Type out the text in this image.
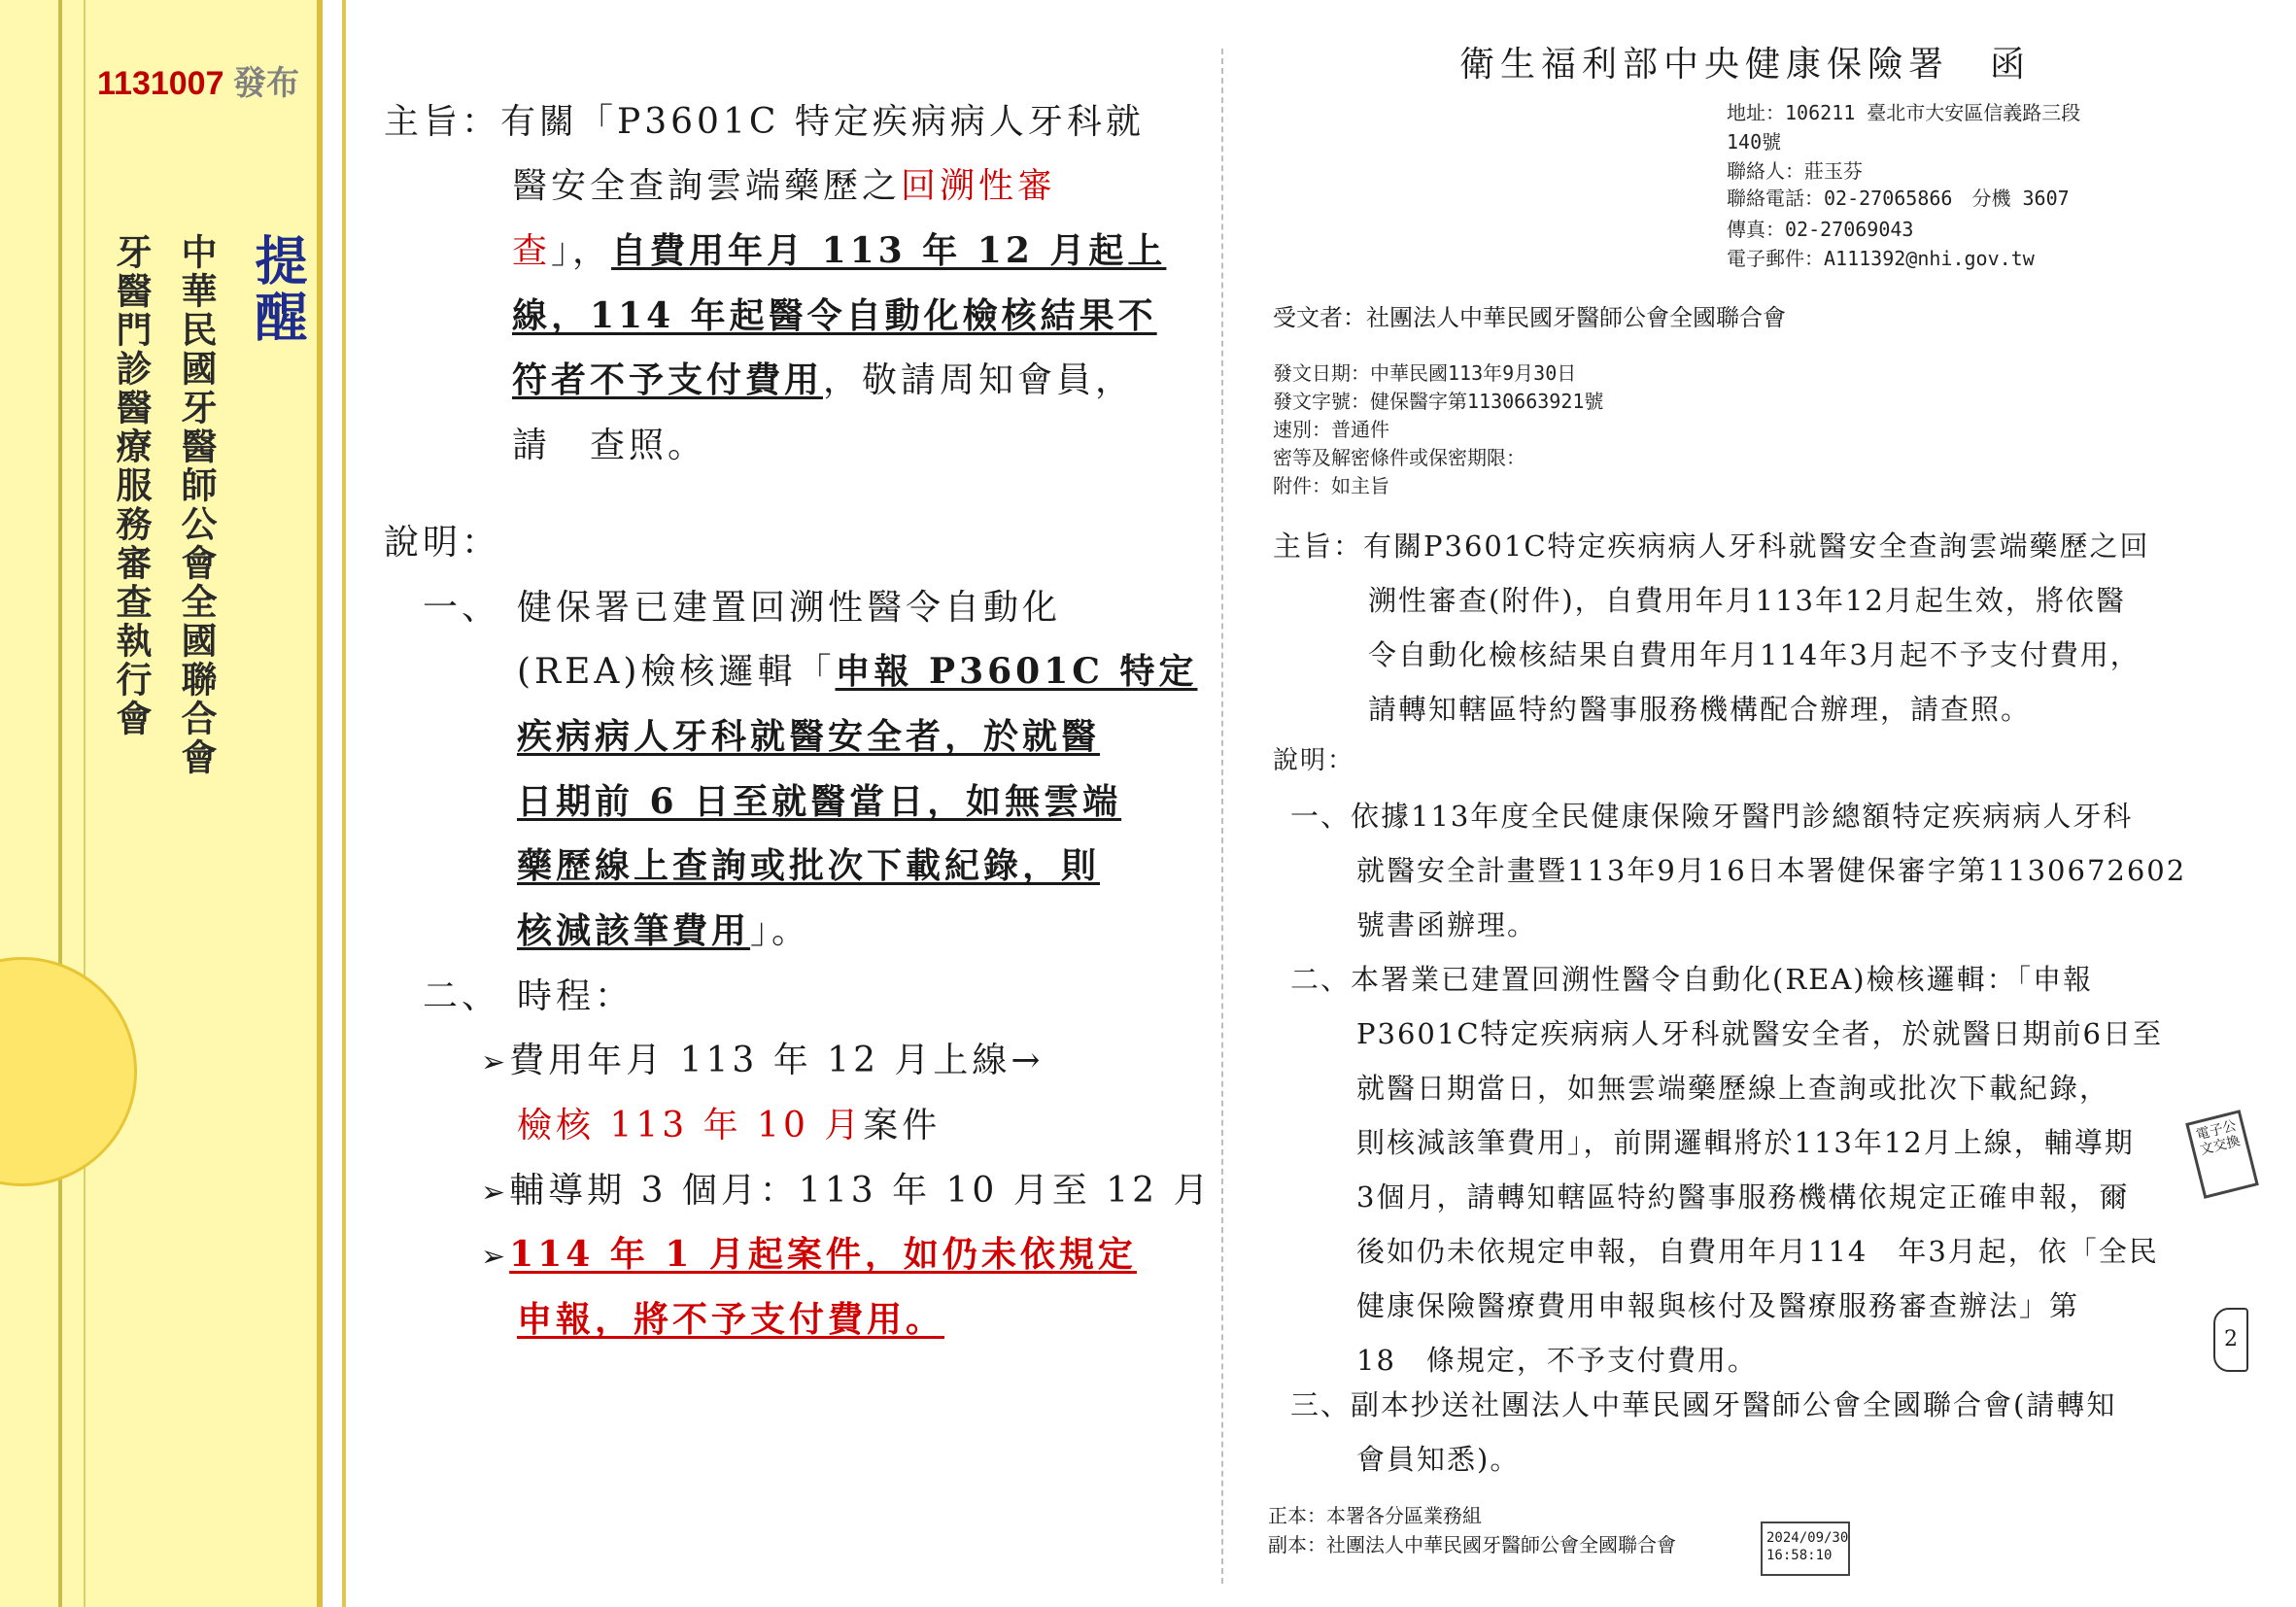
1131007 發布
提醒
中華民國牙醫師公會全國聯合會
牙醫門診醫療服務審查執行會
主旨：有關「P3601C 特定疾病病人牙科就
醫安全查詢雲端藥歷之回溯性審
查」，自費用年月 113 年 12 月起上
線，114 年起醫令自動化檢核結果不
符者不予支付費用，敬請周知會員，
請　查照。
說明：
一、 健保署已建置回溯性醫令自動化
(REA)檢核邏輯「申報 P3601C 特定
疾病病人牙科就醫安全者，於就醫
日期前 6 日至就醫當日，如無雲端
藥歷線上查詢或批次下載紀錄，則
核減該筆費用」。
二、 時程：
➢費用年月 113 年 12 月上線→
檢核 113 年 10 月案件
➢輔導期 3 個月：113 年 10 月至 12 月
➢114 年 1 月起案件，如仍未依規定
申報，將不予支付費用。
衛生福利部中央健康保險署　函
地址：106211 臺北市大安區信義路三段
140號
聯絡人：莊玉芬
聯絡電話：02-27065866　分機 3607
傳真：02-27069043
電子郵件：A111392@nhi.gov.tw
受文者：社團法人中華民國牙醫師公會全國聯合會
發文日期：中華民國113年9月30日
發文字號：健保醫字第1130663921號
速別：普通件
密等及解密條件或保密期限：
附件：如主旨
主旨：有關P3601C特定疾病病人牙科就醫安全查詢雲端藥歷之回
溯性審查(附件)，自費用年月113年12月起生效，將依醫
令自動化檢核結果自費用年月114年3月起不予支付費用，
請轉知轄區特約醫事服務機構配合辦理，請查照。
說明：
一、依據113年度全民健康保險牙醫門診總額特定疾病病人牙科
就醫安全計畫暨113年9月16日本署健保審字第1130672602
號書函辦理。
二、本署業已建置回溯性醫令自動化(REA)檢核邏輯：「申報
P3601C特定疾病病人牙科就醫安全者，於就醫日期前6日至
就醫日期當日，如無雲端藥歷線上查詢或批次下載紀錄，
則核減該筆費用」，前開邏輯將於113年12月上線，輔導期
3個月，請轉知轄區特約醫事服務機構依規定正確申報，爾
後如仍未依規定申報，自費用年月114　年3月起，依「全民
健康保險醫療費用申報與核付及醫療服務審查辦法」第
18　條規定，不予支付費用。
三、副本抄送社團法人中華民國牙醫師公會全國聯合會(請轉知
會員知悉)。
正本：本署各分區業務組
副本：社團法人中華民國牙醫師公會全國聯合會	2024/09/30
16:58:10
電子公文交換
2
